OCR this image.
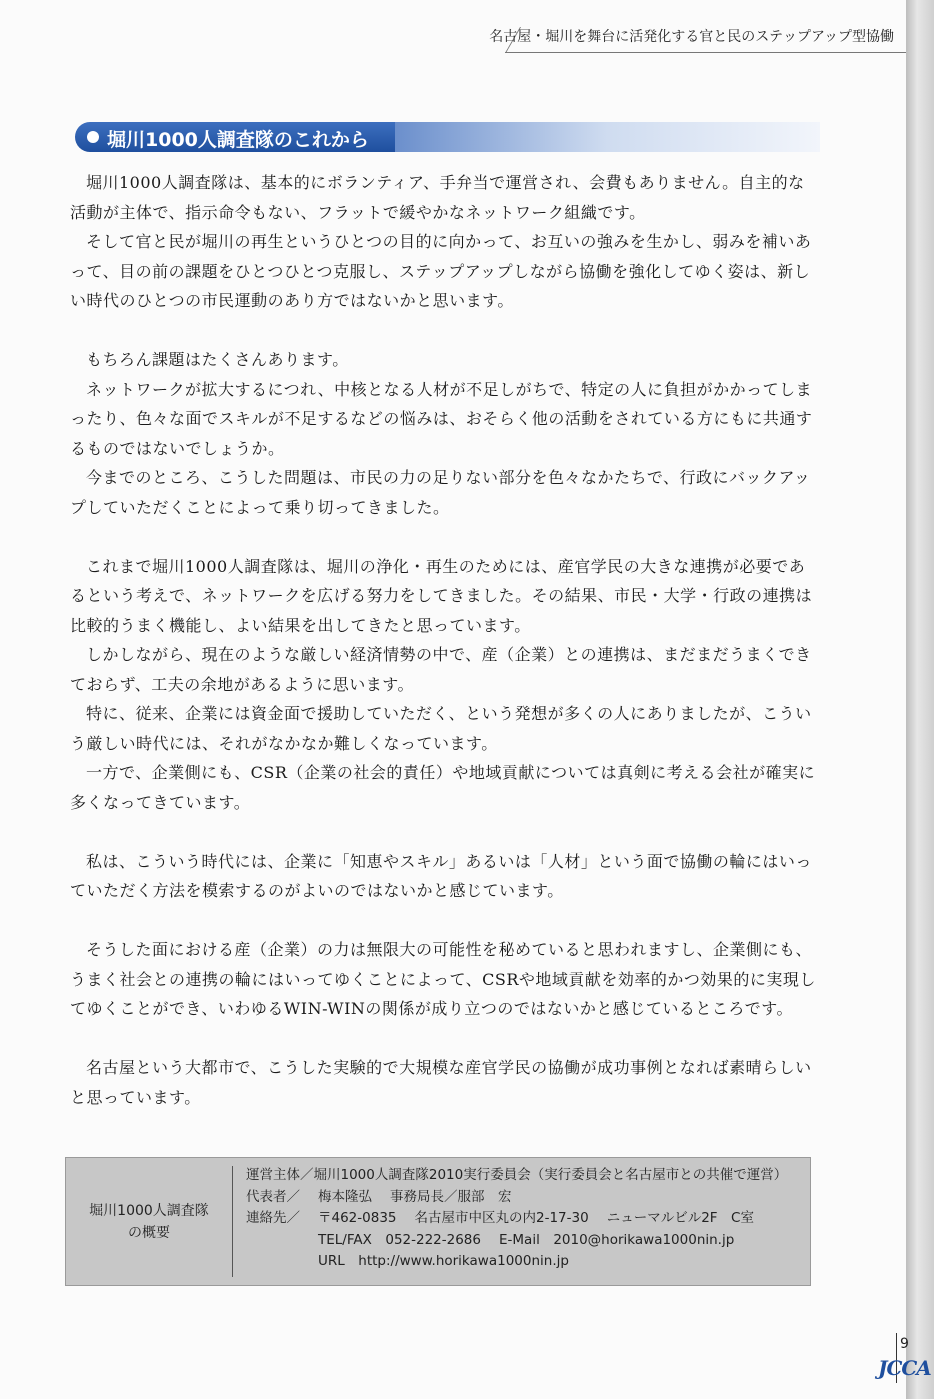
名古屋・堀川を舞台に活発化する官と民のステップアップ型協働
堀川1000人調査隊のこれから

堀川1000人調査隊は、基本的にボランティア、手弁当で運営され、会費もありません。自主的な活動が主体で、指示命令もない、フラットで緩やかなネットワーク組織です。

そして官と民が堀川の再生というひとつの目的に向かって、お互いの強みを生かし、弱みを補いあって、目の前の課題をひとつひとつ克服し、ステップアップしながら協働を強化してゆく姿は、新しい時代のひとつの市民運動のあり方ではないかと思います。

もちろん課題はたくさんあります。

ネットワークが拡大するにつれ、中核となる人材が不足しがちで、特定の人に負担がかかってしまったり、色々な面でスキルが不足するなどの悩みは、おそらく他の活動をされている方にもに共通するものではないでしょうか。

今までのところ、こうした問題は、市民の力の足りない部分を色々なかたちで、行政にバックアップしていただくことによって乗り切ってきました。

これまで堀川1000人調査隊は、堀川の浄化・再生のためには、産官学民の大きな連携が必要であるという考えで、ネットワークを広げる努力をしてきました。その結果、市民・大学・行政の連携は比較的うまく機能し、よい結果を出してきたと思っています。

しかしながら、現在のような厳しい経済情勢の中で、産（企業）との連携は、まだまだうまくできておらず、工夫の余地があるように思います。

特に、従来、企業には資金面で援助していただく、という発想が多くの人にありましたが、こういう厳しい時代には、それがなかなか難しくなっています。

一方で、企業側にも、CSR（企業の社会的責任）や地域貢献については真剣に考える会社が確実に多くなってきています。

私は、こういう時代には、企業に「知恵やスキル」あるいは「人材」という面で協働の輪にはいっていただく方法を模索するのがよいのではないかと感じています。

そうした面における産（企業）の力は無限大の可能性を秘めていると思われますし、企業側にも、うまく社会との連携の輪にはいってゆくことによって、CSRや地域貢献を効率的かつ効果的に実現してゆくことができ、いわゆるWIN-WINの関係が成り立つのではないかと感じているところです。

名古屋という大都市で、こうした実験的で大規模な産官学民の協働が成功事例となれば素晴らしいと思っています。

堀川1000人調査隊
の概要
運営主体／堀川1000人調査隊2010実行委員会（実行委員会と名古屋市との共催で運営）
代表者／ 梅本隆弘 事務局長／服部　宏
連絡先／ 〒462-0835 名古屋市中区丸の内2-17-30 ニューマルビル2F　C室
TEL/FAX　052-222-2686 E-Mail　2010@horikawa1000nin.jp
URL　http://www.horikawa1000nin.jp
9
JCCA
